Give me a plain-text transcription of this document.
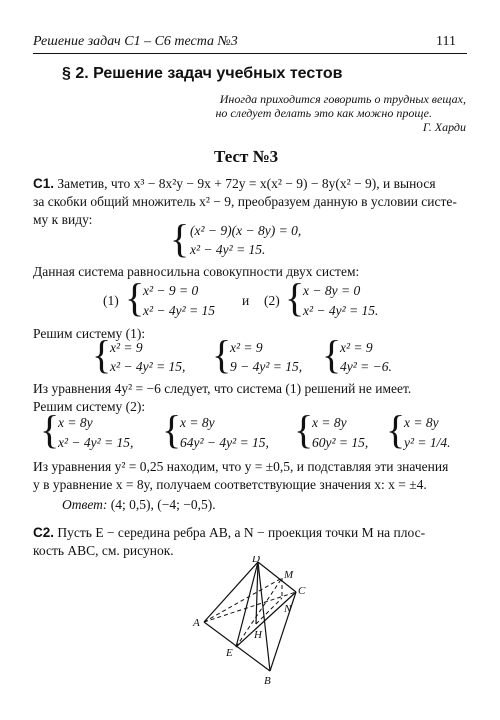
Решение задач С1 – С6 теста №3	111
§ 2. Решение задач учебных тестов
Иногда приходится говорить о трудных вещах,
но следует делать это как можно проще.
Г. Харди
Тест №3
С1. Заметив, что x³ − 8x²y − 9x + 72y = x(x² − 9) − 8y(x² − 9), и вынося
за скобки общий множитель x² − 9, преобразуем данную в условии систе-
му к виду: { (x² − 9)(x − 8y) = 0,
x² − 4y² = 15.
Данная система равносильна совокупности двух систем:
(1) {
x² − 9 = 0
x² − 4y² = 15
и (2) {
x − 8y = 0
x² − 4y² = 15.
Решим систему (1):
{
x² = 9
x² − 4y² = 15, {
x² = 9
9 − 4y² = 15, {
x² = 9
4y² = −6.
Из уравнения 4y² = −6 следует, что система (1) решений не имеет.
Решим систему (2):
{
x = 8y
x² − 4y² = 15, {
x = 8y
64y² − 4y² = 15, {
x = 8y
60y² = 15, {
x = 8y
y² = 1/4.
Из уравнения y² = 0,25 находим, что y = ±0,5, и подставляя эти значения
y в уравнение x = 8y, получаем соответствующие значения x: x = ±4.
Ответ: (4; 0,5), (−4; −0,5).
С2. Пусть E − середина ребра AB, а N − проекция точки M на плос-
кость ABC, см. рисунок.
D
M
C
N
A
H
E
B
